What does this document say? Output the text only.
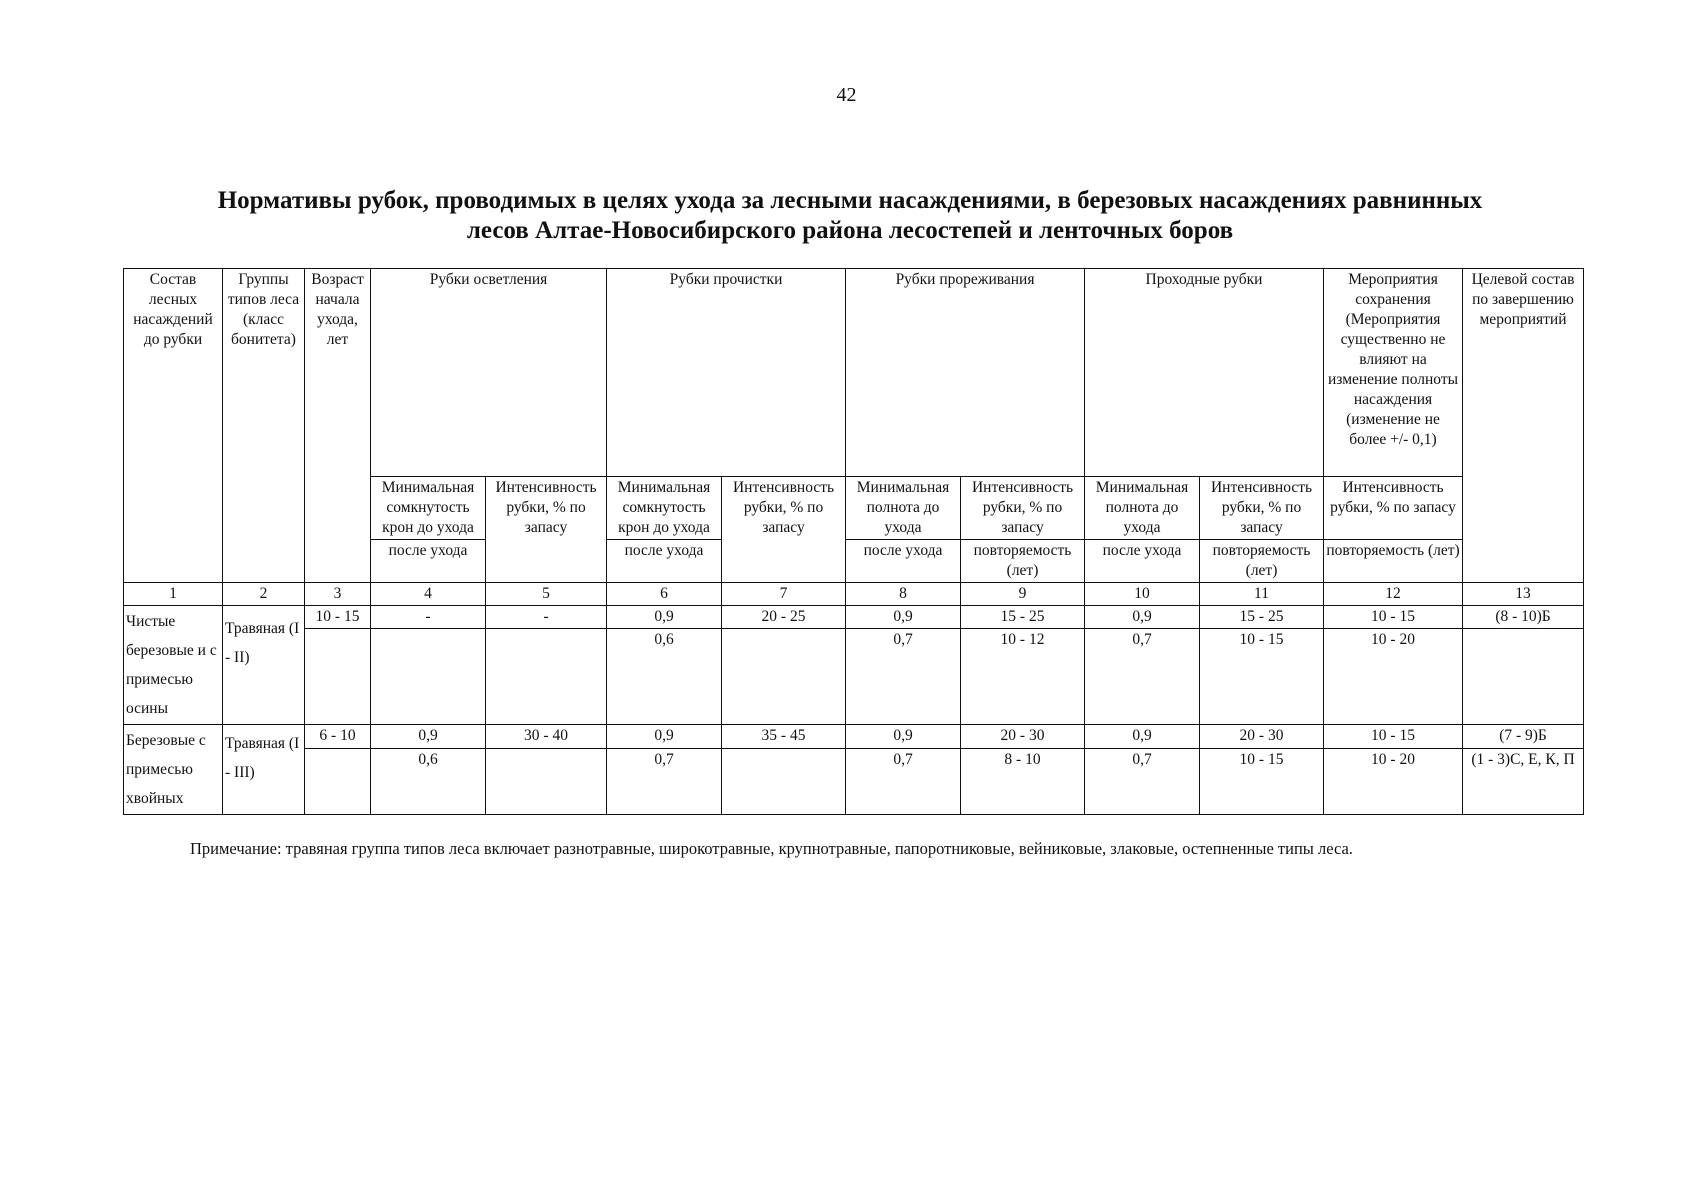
42
Нормативы рубок, проводимых в целях ухода за лесными насаждениями, в березовых насаждениях равнинных
лесов Алтае-Новосибирского района лесостепей и ленточных боров
Состав лесных насаждений до рубки	Группы типов леса (класс бонитета)	Возраст начала ухода, лет	Рубки осветления		Рубки прочистки		Рубки прореживания		Проходные рубки		Мероприятия сохранения (Мероприятия существенно не влияют на изменение полноты насаждения (изменение не более +/- 0,1)	Целевой состав по завершению мероприятий
			Минимальная сомкнутость крон до ухода	Интенсивность рубки, % по запасу	Минимальная сомкнутость крон до ухода	Интенсивность рубки, % по запасу	Минимальная полнота до ухода	Интенсивность рубки, % по запасу	Минимальная полнота до ухода	Интенсивность рубки, % по запасу	Интенсивность рубки, % по запасу	
			после ухода		после ухода		после ухода	повторяемость (лет)	после ухода	повторяемость (лет)	повторяемость (лет)	
1	2	3	4	5	6	7	8	9	10	11	12	13
Чистые березовые и с примесью осины	Травяная (I - II)	10 - 15	-	-	0,9	20 - 25	0,9	15 - 25	0,9	15 - 25	10 - 15	(8 - 10)Б
					0,6		0,7	10 - 12	0,7	10 - 15	10 - 20	
Березовые с примесью хвойных	Травяная (I - III)	6 - 10	0,9	30 - 40	0,9	35 - 45	0,9	20 - 30	0,9	20 - 30	10 - 15	(7 - 9)Б
			0,6		0,7		0,7	8 - 10	0,7	10 - 15	10 - 20	(1 - 3)С, Е, К, П
Примечание: травяная группа типов леса включает разнотравные, широкотравные, крупнотравные, папоротниковые, вейниковые, злаковые, остепненные типы леса.
